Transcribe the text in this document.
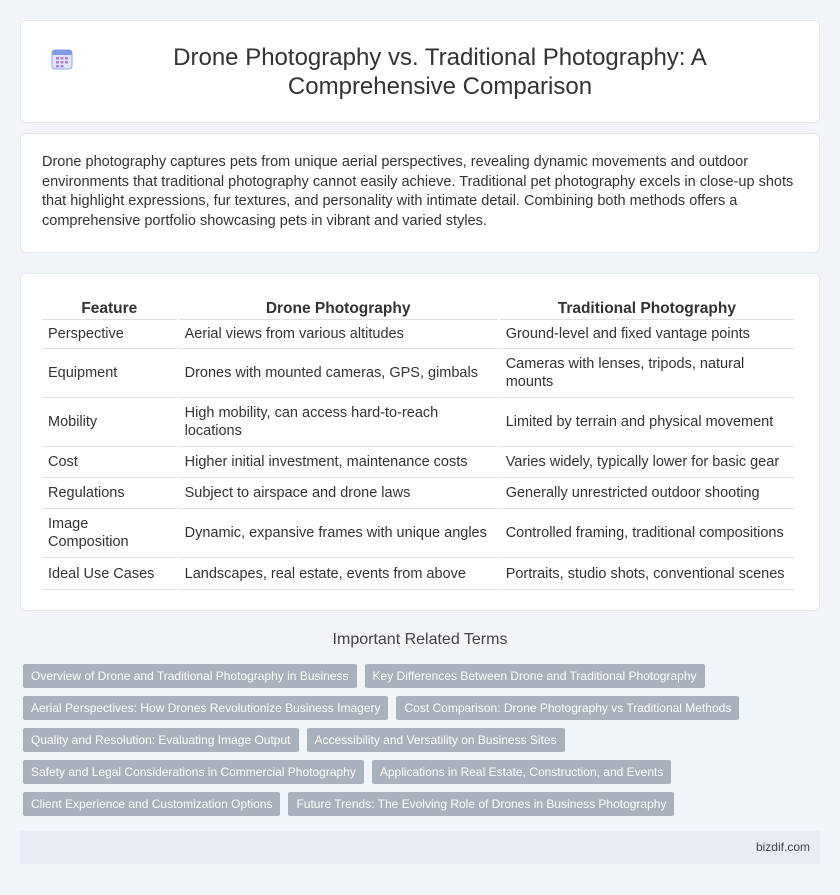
Drone Photography vs. Traditional Photography: A Comprehensive Comparison

Drone photography captures pets from unique aerial perspectives, revealing dynamic movements and outdoor environments that traditional photography cannot easily achieve. Traditional pet photography excels in close-up shots that highlight expressions, fur textures, and personality with intimate detail. Combining both methods offers a comprehensive portfolio showcasing pets in vibrant and varied styles.

Feature	Drone Photography	Traditional Photography
Perspective	Aerial views from various altitudes	Ground-level and fixed vantage points
Equipment	Drones with mounted cameras, GPS, gimbals	Cameras with lenses, tripods, natural mounts
Mobility	High mobility, can access hard-to-reach locations	Limited by terrain and physical movement
Cost	Higher initial investment, maintenance costs	Varies widely, typically lower for basic gear
Regulations	Subject to airspace and drone laws	Generally unrestricted outdoor shooting
Image Composition	Dynamic, expansive frames with unique angles	Controlled framing, traditional compositions
Ideal Use Cases	Landscapes, real estate, events from above	Portraits, studio shots, conventional scenes
Important Related Terms
Overview of Drone and Traditional Photography in Business	Key Differences Between Drone and Traditional Photography
Aerial Perspectives: How Drones Revolutionize Business Imagery	Cost Comparison: Drone Photography vs Traditional Methods
Quality and Resolution: Evaluating Image Output	Accessibility and Versatility on Business Sites
Safety and Legal Considerations in Commercial Photography	Applications in Real Estate, Construction, and Events
Client Experience and Customization Options	Future Trends: The Evolving Role of Drones in Business Photography
bizdif.com
